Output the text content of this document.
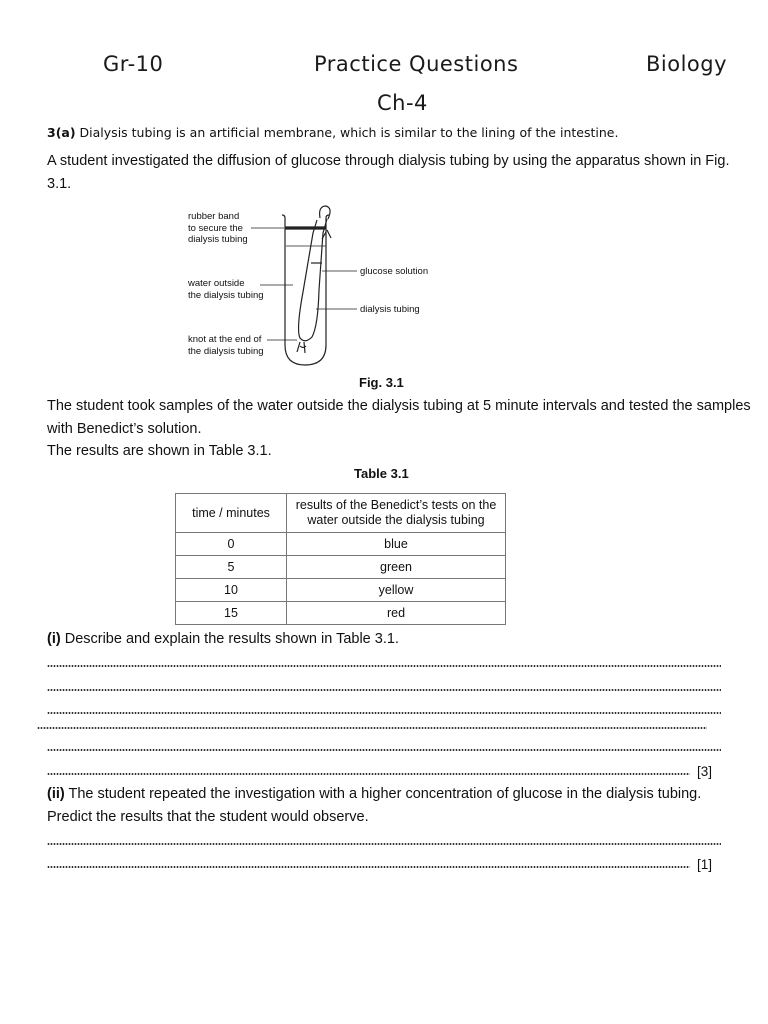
Gr-10	Practice Questions	Biology
Ch-4
3(a) Dialysis tubing is an artificial membrane, which is similar to the lining of the intestine.
A student investigated the diffusion of glucose through dialysis tubing by using the apparatus shown in Fig.
3.1.
rubber band
to secure the
dialysis tubing
water outside
the dialysis tubing
knot at the end of
the dialysis tubing
glucose solution
dialysis tubing
Fig. 3.1
The student took samples of the water outside the dialysis tubing at 5 minute intervals and tested the samples
with Benedict’s solution.
The results are shown in Table 3.1.
Table 3.1
time / minutes	results of the Benedict’s tests on the
water outside the dialysis tubing

0	blue
5	green
10	yellow
15	red
(i) Describe and explain the results shown in Table 3.1.
[3]
(ii) The student repeated the investigation with a higher concentration of glucose in the dialysis tubing.
Predict the results that the student would observe.
[1]
